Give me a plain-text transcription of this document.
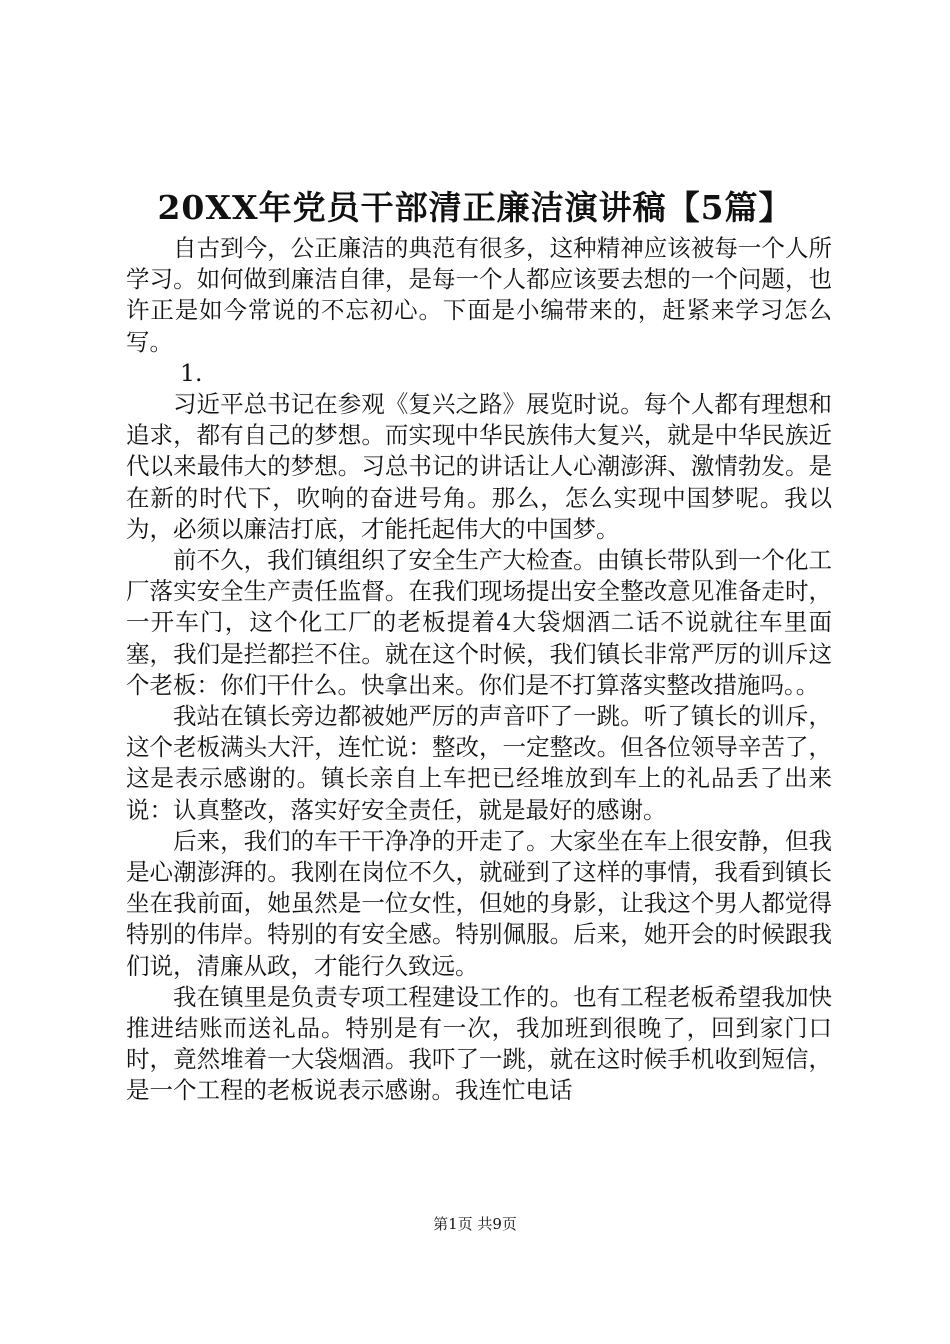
20XX年党员干部清正廉洁演讲稿【5篇】

自古到今，公正廉洁的典范有很多，这种精神应该被每一个人所学习。如何做到廉洁自律，是每一个人都应该要去想的一个问题，也许正是如今常说的不忘初心。下面是小编带来的，赶紧来学习怎么写。

1.

习近平总书记在参观《复兴之路》展览时说。每个人都有理想和追求，都有自己的梦想。而实现中华民族伟大复兴，就是中华民族近代以来最伟大的梦想。习总书记的讲话让人心潮澎湃、激情勃发。是在新的时代下，吹响的奋进号角。那么，怎么实现中国梦呢。我以为，必须以廉洁打底，才能托起伟大的中国梦。

前不久，我们镇组织了安全生产大检查。由镇长带队到一个化工厂落实安全生产责任监督。在我们现场提出安全整改意见准备走时，一开车门，这个化工厂的老板提着4大袋烟酒二话不说就往车里面塞，我们是拦都拦不住。就在这个时候，我们镇长非常严厉的训斥这个老板：你们干什么。快拿出来。你们是不打算落实整改措施吗。。

我站在镇长旁边都被她严厉的声音吓了一跳。听了镇长的训斥，这个老板满头大汗，连忙说：整改，一定整改。但各位领导辛苦了，这是表示感谢的。镇长亲自上车把已经堆放到车上的礼品丢了出来说：认真整改，落实好安全责任，就是最好的感谢。

后来，我们的车干干净净的开走了。大家坐在车上很安静，但我是心潮澎湃的。我刚在岗位不久，就碰到了这样的事情，我看到镇长坐在我前面，她虽然是一位女性，但她的身影，让我这个男人都觉得特别的伟岸。特别的有安全感。特别佩服。后来，她开会的时候跟我们说，清廉从政，才能行久致远。

我在镇里是负责专项工程建设工作的。也有工程老板希望我加快推进结账而送礼品。特别是有一次，我加班到很晚了，回到家门口时，竟然堆着一大袋烟酒。我吓了一跳，就在这时候手机收到短信，是一个工程的老板说表示感谢。我连忙电话

第1页 共9页
